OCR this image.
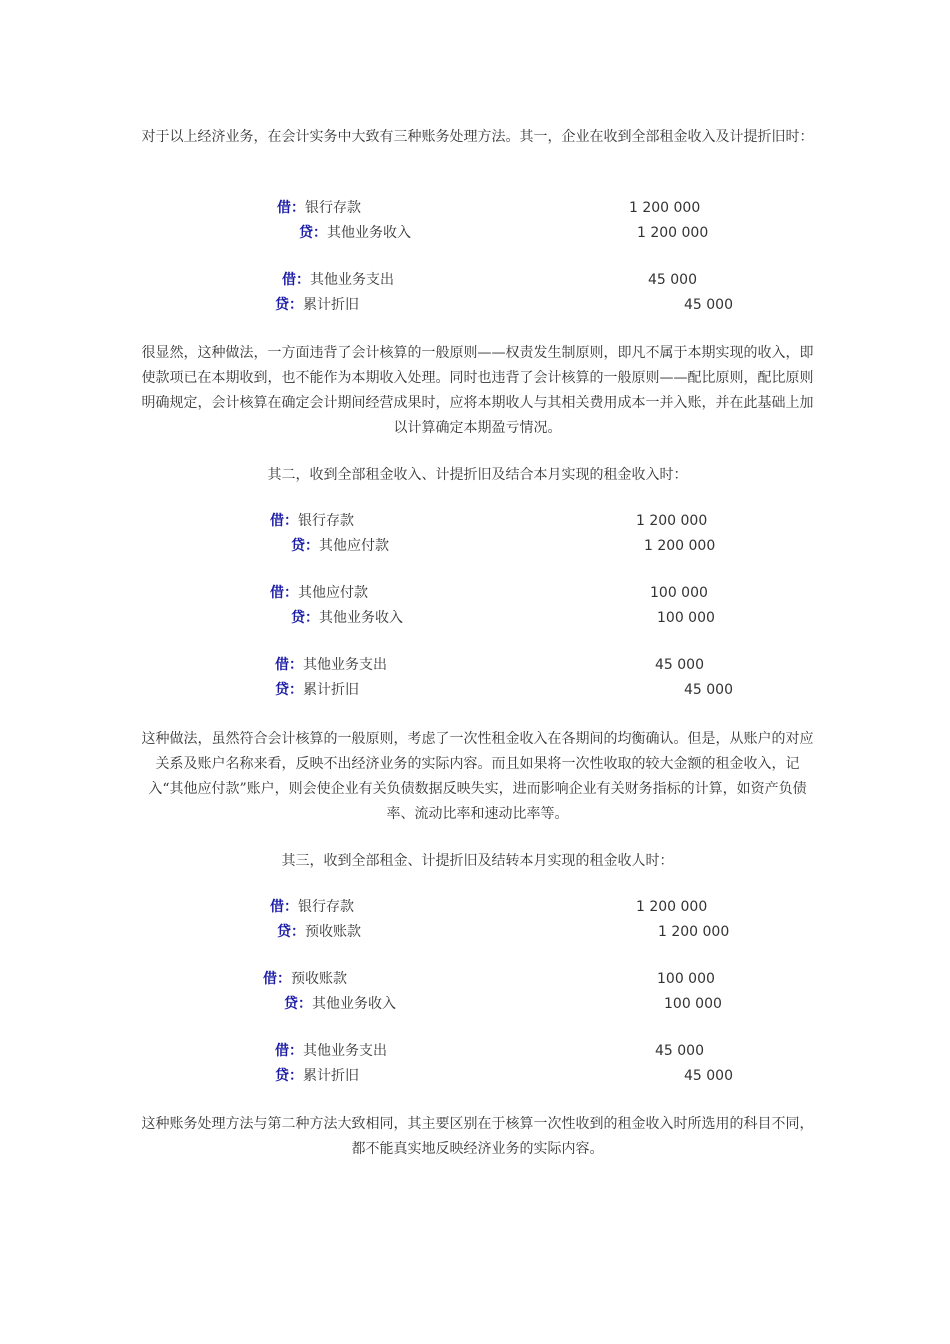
对于以上经济业务，在会计实务中大致有三种账务处理方法。其一，企业在收到全部租金收入及计提折旧时：

借：银行存款	1 200 000
贷：其他业务收入	1 200 000
借：其他业务支出	45 000
贷：累计折旧	45 000

很显然，这种做法，一方面违背了会计核算的一般原则——权责发生制原则，即凡不属于本期实现的收入，即使款项已在本期收到，也不能作为本期收入处理。同时也违背了会计核算的一般原则——配比原则，配比原则明确规定，会计核算在确定会计期间经营成果时，应将本期收人与其相关费用成本一并入账，并在此基础上加以计算确定本期盈亏情况。

其二，收到全部租金收入、计提折旧及结合本月实现的租金收入时：

借：银行存款	1 200 000
贷：其他应付款	1 200 000
借：其他应付款	100 000
贷：其他业务收入	100 000
借：其他业务支出	45 000
贷：累计折旧	45 000

这种做法，虽然符合会计核算的一般原则，考虑了一次性租金收入在各期间的均衡确认。但是，从账户的对应关系及账户名称来看，反映不出经济业务的实际内容。而且如果将一次性收取的较大金额的租金收入，记入“其他应付款”账户，则会使企业有关负债数据反映失实，进而影响企业有关财务指标的计算，如资产负债率、流动比率和速动比率等。

其三，收到全部租金、计提折旧及结转本月实现的租金收人时：

借：银行存款	1 200 000
贷：预收账款	1 200 000
借：预收账款	100 000
贷：其他业务收入	100 000
借：其他业务支出	45 000
贷：累计折旧	45 000

这种账务处理方法与第二种方法大致相同，其主要区别在于核算一次性收到的租金收入时所选用的科目不同，都不能真实地反映经济业务的实际内容。
